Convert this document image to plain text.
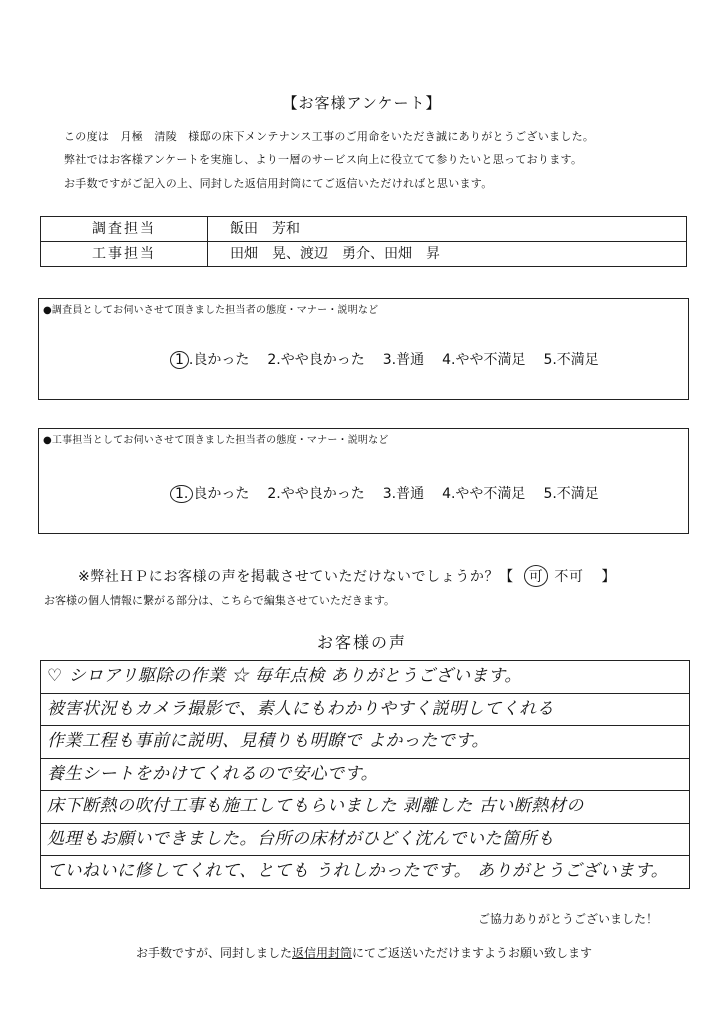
【お客様アンケート】
この度は　月極　清陵　様邸の床下メンテナンス工事のご用命をいただき誠にありがとうございました。
弊社ではお客様アンケートを実施し、より一層のサービス向上に役立てて参りたいと思っております。
お手数ですがご記入の上、同封した返信用封筒にてご返信いただければと思います。
調査担当	飯田　芳和
工事担当	田畑　晃、渡辺　勇介、田畑　昇
●調査員としてお伺いさせて頂きました担当者の態度・マナー・説明など
1 .良かった 2.やや良かった 3.普通 4.やや不満足 5.不満足
●工事担当としてお伺いさせて頂きました担当者の態度・マナー・説明など
1. 良かった 2.やや良かった 3.普通 4.やや不満足 5.不満足
※弊社ＨＰにお客様の声を掲載させていただけないでしょうか？【	可 不可 】
お客様の個人情報に繋がる部分は、こちらで編集させていただきます。
お客様の声
♡ シロアリ駆除の作業 ☆ 毎年点検 ありがとうございます。
被害状況もカメラ撮影で、素人にもわかりやすく説明してくれる
作業工程も事前に説明、見積りも明瞭で よかったです。
養生シートをかけてくれるので安心です。
床下断熱の吹付工事も施工してもらいました 剥離した 古い断熱材の
処理もお願いできました。台所の床材がひどく沈んでいた箇所も
ていねいに修してくれて、とても うれしかったです。 ありがとうございます。
ご協力ありがとうございました！
お手数ですが、同封しました返信用封筒にてご返送いただけますようお願い致します
